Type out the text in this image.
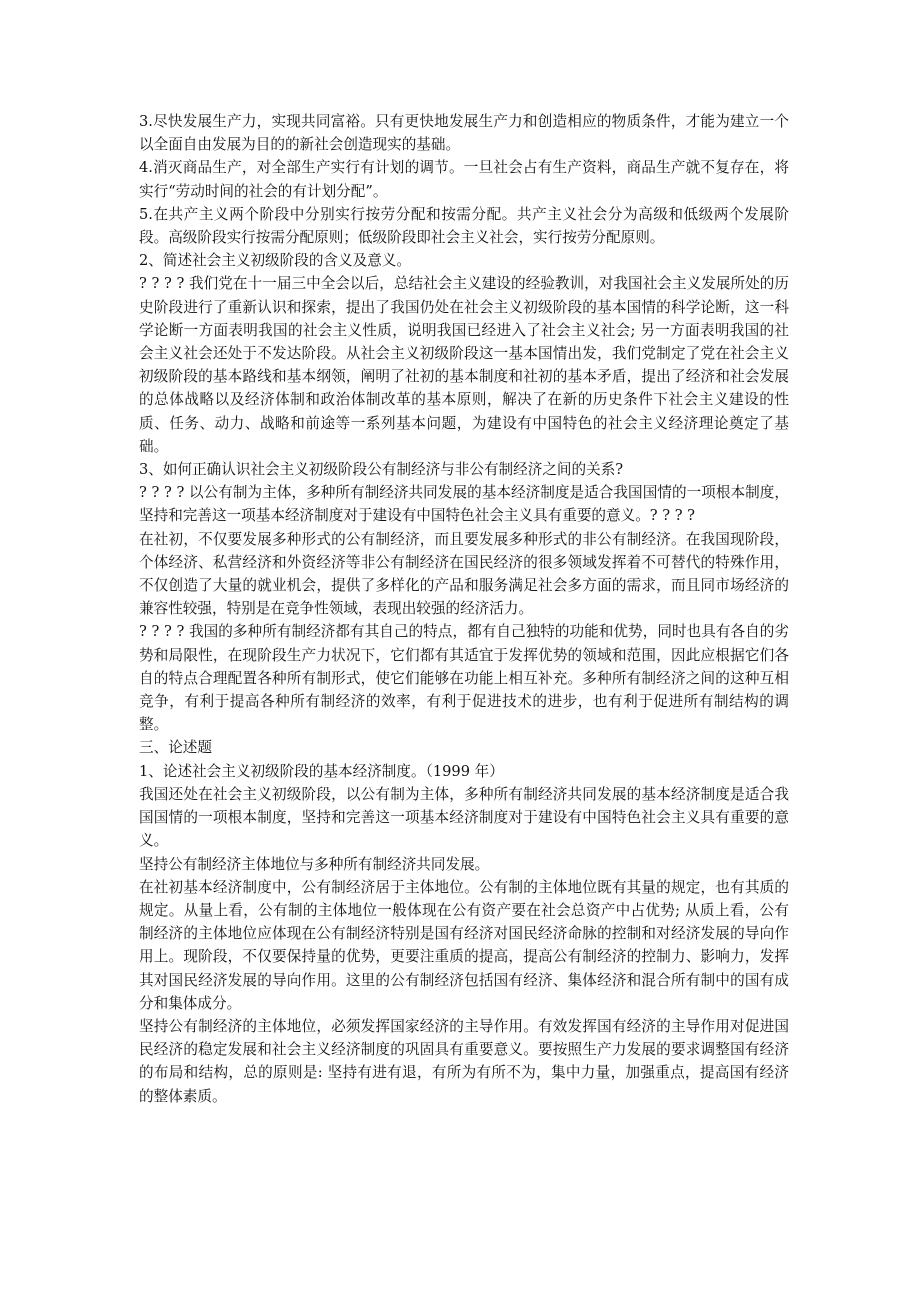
3.尽快发展生产力，实现共同富裕。只有更快地发展生产力和创造相应的物质条件，才能为建立一个以全面自由发展为目的的新社会创造现实的基础。

4.消灭商品生产，对全部生产实行有计划的调节。一旦社会占有生产资料，商品生产就不复存在，将实行“劳动时间的社会的有计划分配”。

5.在共产主义两个阶段中分别实行按劳分配和按需分配。共产主义社会分为高级和低级两个发展阶段。高级阶段实行按需分配原则；低级阶段即社会主义社会，实行按劳分配原则。

2、简述社会主义初级阶段的含义及意义。

? ? ? ? 我们党在十一届三中全会以后，总结社会主义建设的经验教训，对我国社会主义发展所处的历史阶段进行了重新认识和探索，提出了我国仍处在社会主义初级阶段的基本国情的科学论断，这一科学论断一方面表明我国的社会主义性质，说明我国已经进入了社会主义社会; 另一方面表明我国的社会主义社会还处于不发达阶段。从社会主义初级阶段这一基本国情出发，我们党制定了党在社会主义初级阶段的基本路线和基本纲领，阐明了社初的基本制度和社初的基本矛盾，提出了经济和社会发展的总体战略以及经济体制和政治体制改革的基本原则，解决了在新的历史条件下社会主义建设的性质、任务、动力、战略和前途等一系列基本问题，为建设有中国特色的社会主义经济理论奠定了基础。

3、如何正确认识社会主义初级阶段公有制经济与非公有制经济之间的关系?

? ? ? ? 以公有制为主体，多种所有制经济共同发展的基本经济制度是适合我国国情的一项根本制度，坚持和完善这一项基本经济制度对于建设有中国特色社会主义具有重要的意义。? ? ? ?

在社初，不仅要发展多种形式的公有制经济，而且要发展多种形式的非公有制经济。在我国现阶段，个体经济、私营经济和外资经济等非公有制经济在国民经济的很多领域发挥着不可替代的特殊作用，不仅创造了大量的就业机会，提供了多样化的产品和服务满足社会多方面的需求，而且同市场经济的兼容性较强，特别是在竞争性领域，表现出较强的经济活力。

? ? ? ? 我国的多种所有制经济都有其自己的特点，都有自己独特的功能和优势，同时也具有各自的劣势和局限性，在现阶段生产力状况下，它们都有其适宜于发挥优势的领域和范围，因此应根据它们各自的特点合理配置各种所有制形式，使它们能够在功能上相互补充。多种所有制经济之间的这种互相竞争，有利于提高各种所有制经济的效率，有利于促进技术的进步，也有利于促进所有制结构的调整。

三、论述题

1、论述社会主义初级阶段的基本经济制度。（1999 年）

我国还处在社会主义初级阶段，以公有制为主体，多种所有制经济共同发展的基本经济制度是适合我国国情的一项根本制度，坚持和完善这一项基本经济制度对于建设有中国特色社会主义具有重要的意义。

坚持公有制经济主体地位与多种所有制经济共同发展。

在社初基本经济制度中，公有制经济居于主体地位。公有制的主体地位既有其量的规定，也有其质的规定。从量上看，公有制的主体地位一般体现在公有资产要在社会总资产中占优势; 从质上看，公有制经济的主体地位应体现在公有制经济特别是国有经济对国民经济命脉的控制和对经济发展的导向作用上。现阶段，不仅要保持量的优势，更要注重质的提高，提高公有制经济的控制力、影响力，发挥其对国民经济发展的导向作用。这里的公有制经济包括国有经济、集体经济和混合所有制中的国有成分和集体成分。

坚持公有制经济的主体地位，必须发挥国家经济的主导作用。有效发挥国有经济的主导作用对促进国民经济的稳定发展和社会主义经济制度的巩固具有重要意义。要按照生产力发展的要求调整国有经济的布局和结构，总的原则是: 坚持有进有退，有所为有所不为，集中力量，加强重点，提高国有经济的整体素质。
